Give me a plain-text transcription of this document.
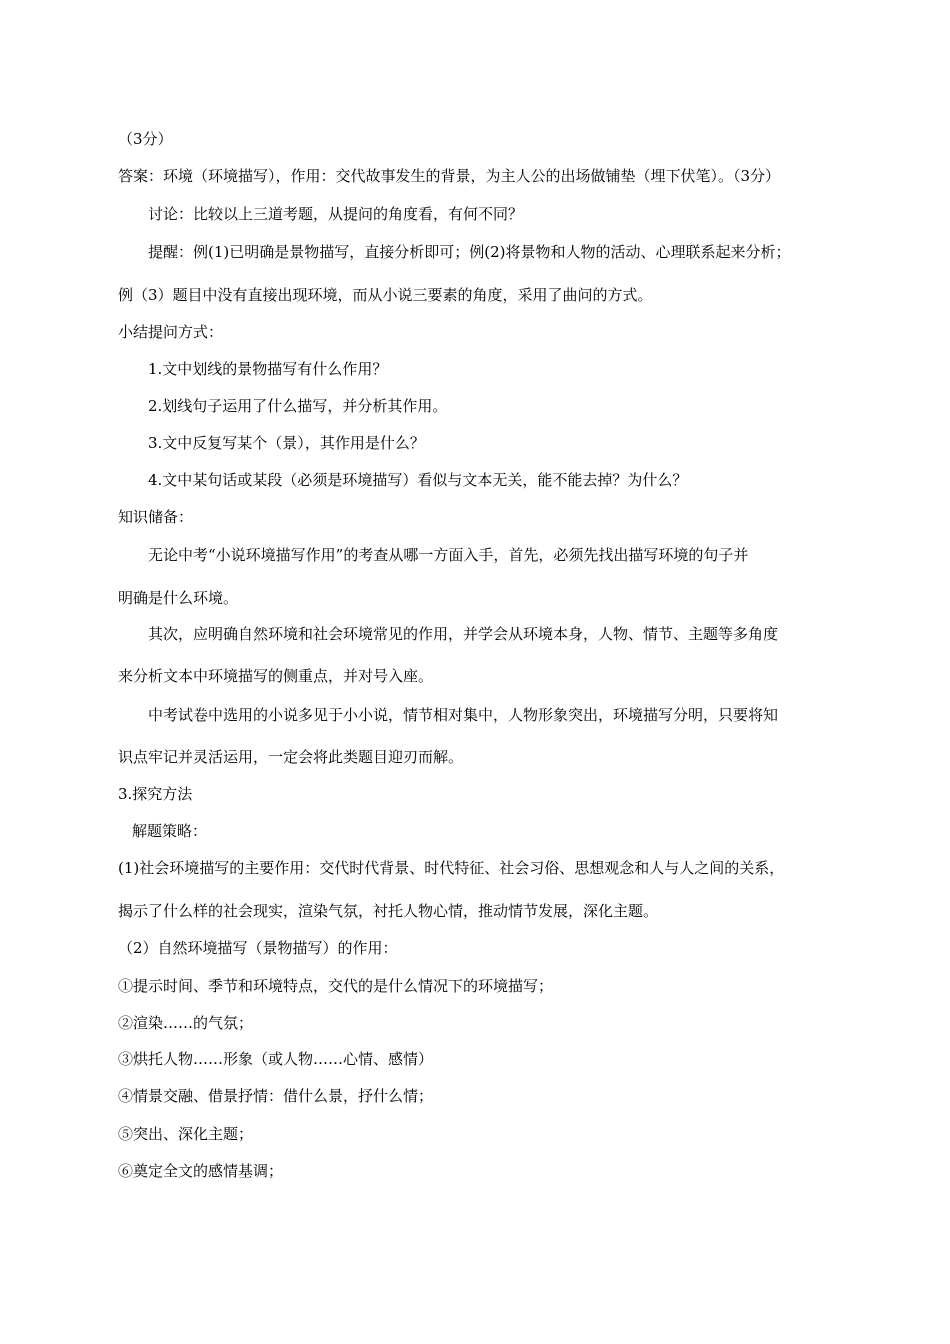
（3分）
答案：环境（环境描写），作用：交代故事发生的背景，为主人公的出场做铺垫（埋下伏笔）。（3分）
讨论：比较以上三道考题，从提问的角度看，有何不同？
提醒：例(1)已明确是景物描写，直接分析即可；例(2)将景物和人物的活动、心理联系起来分析；
例（3）题目中没有直接出现环境，而从小说三要素的角度，采用了曲问的方式。
小结提问方式：
1.文中划线的景物描写有什么作用？
2.划线句子运用了什么描写，并分析其作用。
3.文中反复写某个（景），其作用是什么？
4.文中某句话或某段（必须是环境描写）看似与文本无关，能不能去掉？为什么？
知识储备：
无论中考“小说环境描写作用”的考查从哪一方面入手，首先，必须先找出描写环境的句子并
明确是什么环境。
其次，应明确自然环境和社会环境常见的作用，并学会从环境本身，人物、情节、主题等多角度
来分析文本中环境描写的侧重点，并对号入座。
中考试卷中选用的小说多见于小小说，情节相对集中，人物形象突出，环境描写分明，只要将知
识点牢记并灵活运用，一定会将此类题目迎刃而解。
3.探究方法
解题策略：
(1)社会环境描写的主要作用：交代时代背景、时代特征、社会习俗、思想观念和人与人之间的关系，
揭示了什么样的社会现实，渲染气氛，衬托人物心情，推动情节发展，深化主题。
（2）自然环境描写（景物描写）的作用：
①提示时间、季节和环境特点，交代的是什么情况下的环境描写；
②渲染……的气氛；
③烘托人物……形象（或人物……心情、感情）
④情景交融、借景抒情：借什么景，抒什么情；
⑤突出、深化主题；
⑥奠定全文的感情基调；
